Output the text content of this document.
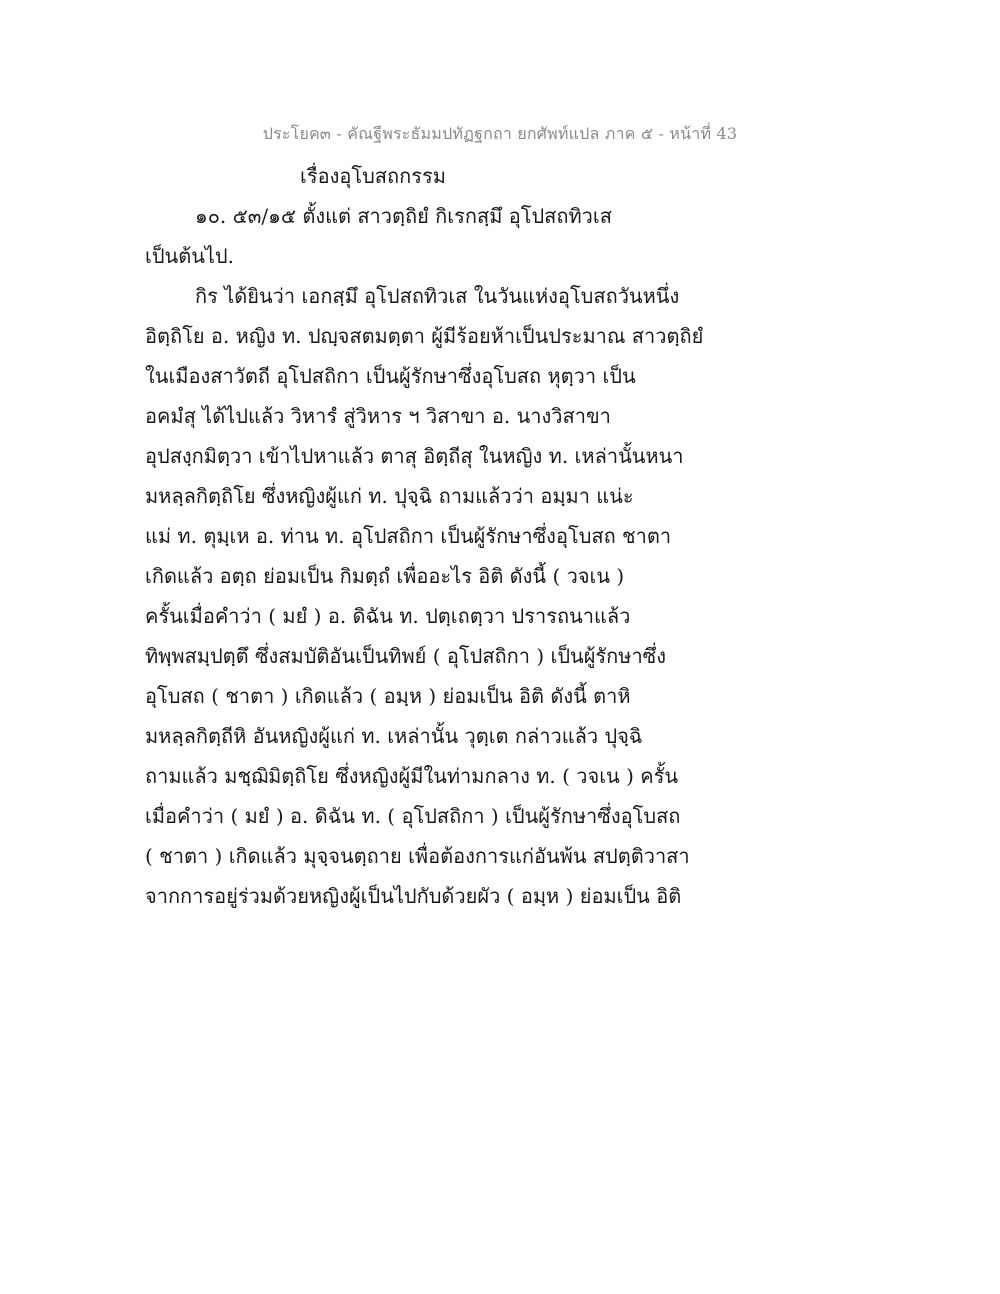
ประโยค๓ - คัณฐีพระธัมมปทัฏฐกถา ยกศัพท์แปล ภาค ๕ - หน้าที่ 43
เรื่องอุโบสถกรรม
๑๐. ๕๓/๑๕ ตั้งแต่ สาวตฺถิยํ กิเรกสฺมึ อุโปสถทิวเส
เป็นต้นไป.
กิร ได้ยินว่า เอกสฺมึ อุโปสถทิวเส ในวันแห่งอุโบสถวันหนึ่ง
อิตฺถิโย อ. หญิง ท. ปญฺจสตมตฺตา ผู้มีร้อยห้าเป็นประมาณ สาวตฺถิยํ
ในเมืองสาวัตถี อุโปสถิกา เป็นผู้รักษาซึ่งอุโบสถ หุตฺวา เป็น
อคมํสุ ได้ไปแล้ว วิหารํ สู่วิหาร ฯ วิสาขา อ. นางวิสาขา
อุปสงฺกมิตฺวา เข้าไปหาแล้ว ตาสุ อิตฺถีสุ ในหญิง ท. เหล่านั้นหนา
มหลฺลกิตฺถิโย ซึ่งหญิงผู้แก่ ท. ปุจฺฉิ ถามแล้วว่า อมฺมา แน่ะ
แม่ ท. ตุมฺเห อ. ท่าน ท. อุโปสถิกา เป็นผู้รักษาซึ่งอุโบสถ ชาตา
เกิดแล้ว อตฺถ ย่อมเป็น กิมตฺถํ เพื่ออะไร อิติ ดังนี้ ( วจเน )
ครั้นเมื่อคำว่า ( มยํ ) อ. ดิฉัน ท. ปตฺเถตฺวา ปรารถนาแล้ว
ทิพฺพสมฺปตฺตึ ซึ่งสมบัติอันเป็นทิพย์ ( อุโปสถิกา ) เป็นผู้รักษาซึ่ง
อุโบสถ ( ชาตา ) เกิดแล้ว ( อมฺห ) ย่อมเป็น อิติ ดังนี้ ตาหิ
มหลฺลกิตฺถีหิ อันหญิงผู้แก่ ท. เหล่านั้น วุตฺเต กล่าวแล้ว ปุจฺฉิ
ถามแล้ว มชฺฌิมิตฺถิโย ซึ่งหญิงผู้มีในท่ามกลาง ท. ( วจเน ) ครั้น
เมื่อคำว่า ( มยํ ) อ. ดิฉัน ท. ( อุโปสถิกา ) เป็นผู้รักษาซึ่งอุโบสถ
( ชาตา ) เกิดแล้ว มุจฺจนตฺถาย เพื่อต้องการแก่อันพ้น สปตฺติวาสา
จากการอยู่ร่วมด้วยหญิงผู้เป็นไปกับด้วยผัว ( อมฺห ) ย่อมเป็น อิติ
